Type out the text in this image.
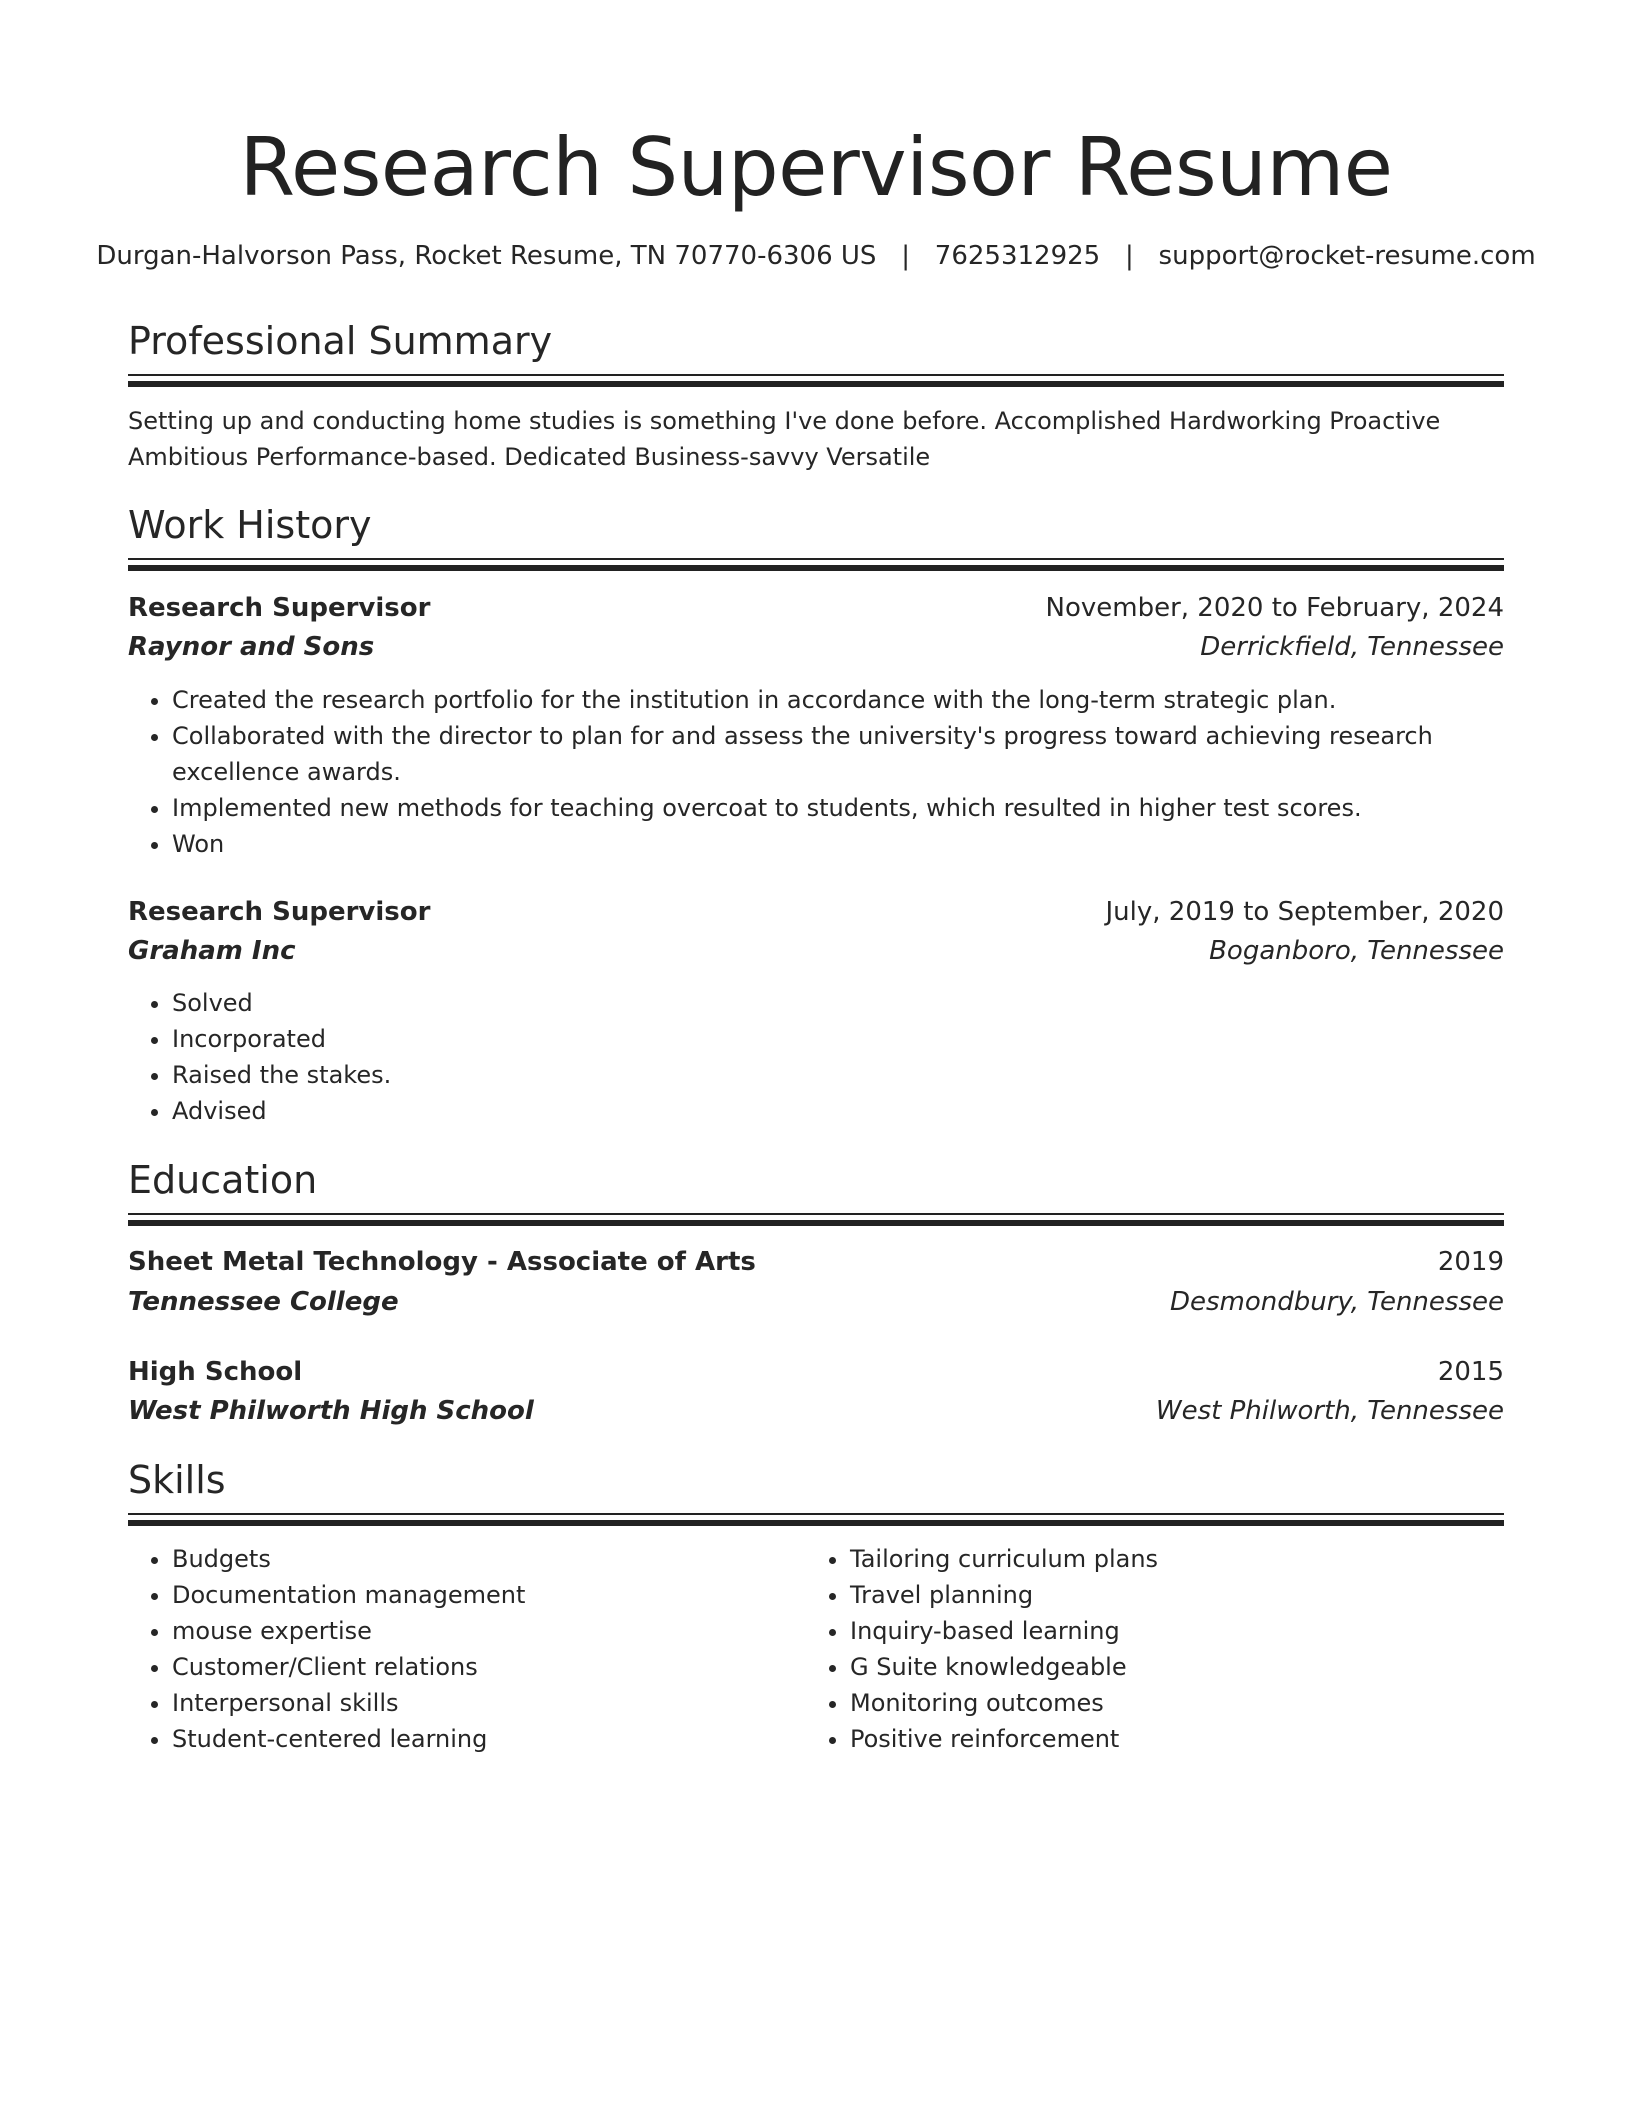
Research Supervisor Resume
Durgan-Halvorson Pass, Rocket Resume, TN 70770-6306 US   |   7625312925   |   support@rocket-resume.com
Professional Summary

Setting up and conducting home studies is something I've done before. Accomplished Hardworking Proactive Ambitious Performance-based. Dedicated Business-savvy Versatile

Work History
Research Supervisor	November, 2020 to February, 2024
Raynor and Sons	Derrickfield, Tennessee
• Created the research portfolio for the institution in accordance with the long-term strategic plan.
• Collaborated with the director to plan for and assess the university's progress toward achieving research excellence awards.
• Implemented new methods for teaching overcoat to students, which resulted in higher test scores.
• Won
Research Supervisor	July, 2019 to September, 2020
Graham Inc	Boganboro, Tennessee
• Solved
• Incorporated
• Raised the stakes.
• Advised
Education
Sheet Metal Technology - Associate of Arts	2019
Tennessee College	Desmondbury, Tennessee
High School	2015
West Philworth High School	West Philworth, Tennessee
Skills
• Budgets
• Documentation management
• mouse expertise
• Customer/Client relations
• Interpersonal skills
• Student-centered learning
• Tailoring curriculum plans
• Travel planning
• Inquiry-based learning
• G Suite knowledgeable
• Monitoring outcomes
• Positive reinforcement
